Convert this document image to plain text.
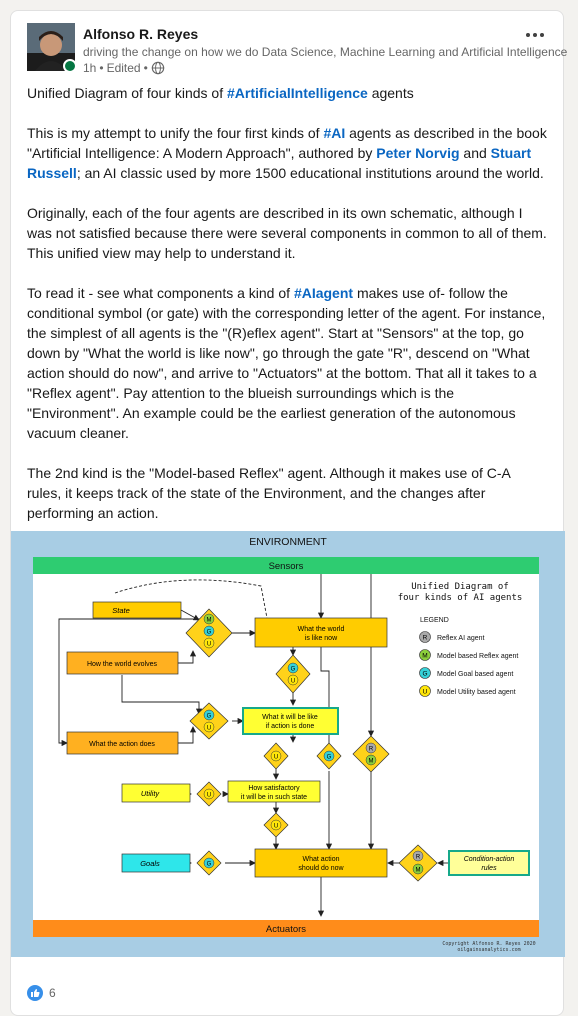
Alfonso R. Reyes
driving the change on how we do Data Science, Machine Learning and Artificial Intelligence
1h • Edited •

Unified Diagram of four kinds of #ArtificialIntelligence agents

This is my attempt to unify the four first kinds of #AI agents as described in the book "Artificial Intelligence: A Modern Approach", authored by Peter Norvig and Stuart Russell; an AI classic used by more 1500 educational institutions around the world.

Originally, each of the four agents are described in its own schematic, although I was not satisfied because there were several components in common to all of them. This unified view may help to understand it.

To read it - see what components a kind of #AIagent makes use of- follow the conditional symbol (or gate) with the corresponding letter of the agent. For instance, the simplest of all agents is the "(R)eflex agent". Start at "Sensors" at the top, go down by "What the world is like now", go through the gate "R", descend on "What action should do now", and arrive to "Actuators" at the bottom. That all it takes to a "Reflex agent". Pay attention to the blueish surroundings which is the "Environment". An example could be the earliest generation of the autonomous vacuum cleaner.

The 2nd kind is the "Model-based Reflex" agent. Although it makes use of C-A rules, it keeps track of the state of the Environment, and the changes after performing an action.

ENVIRONMENT
Sensors
Actuators
Unified Diagram of
four kinds of AI agents
LEGEND
R Reflex AI agent
M Model based Reflex agent
G Model Goal based agent
U Model Utility based agent
State
How the world evolves
What the action does
Utility
Goals
What the world
is like now
What it will be like
if action is done
How satisfactory
it will be in such state
What action
should do now
Condition-action
rules
M
G
U
G
U
G
U
U	G
R
M
U
U
G
R
M
Copyright Alfonso R. Reyes 2020
oilgainsanalytics.com
6
